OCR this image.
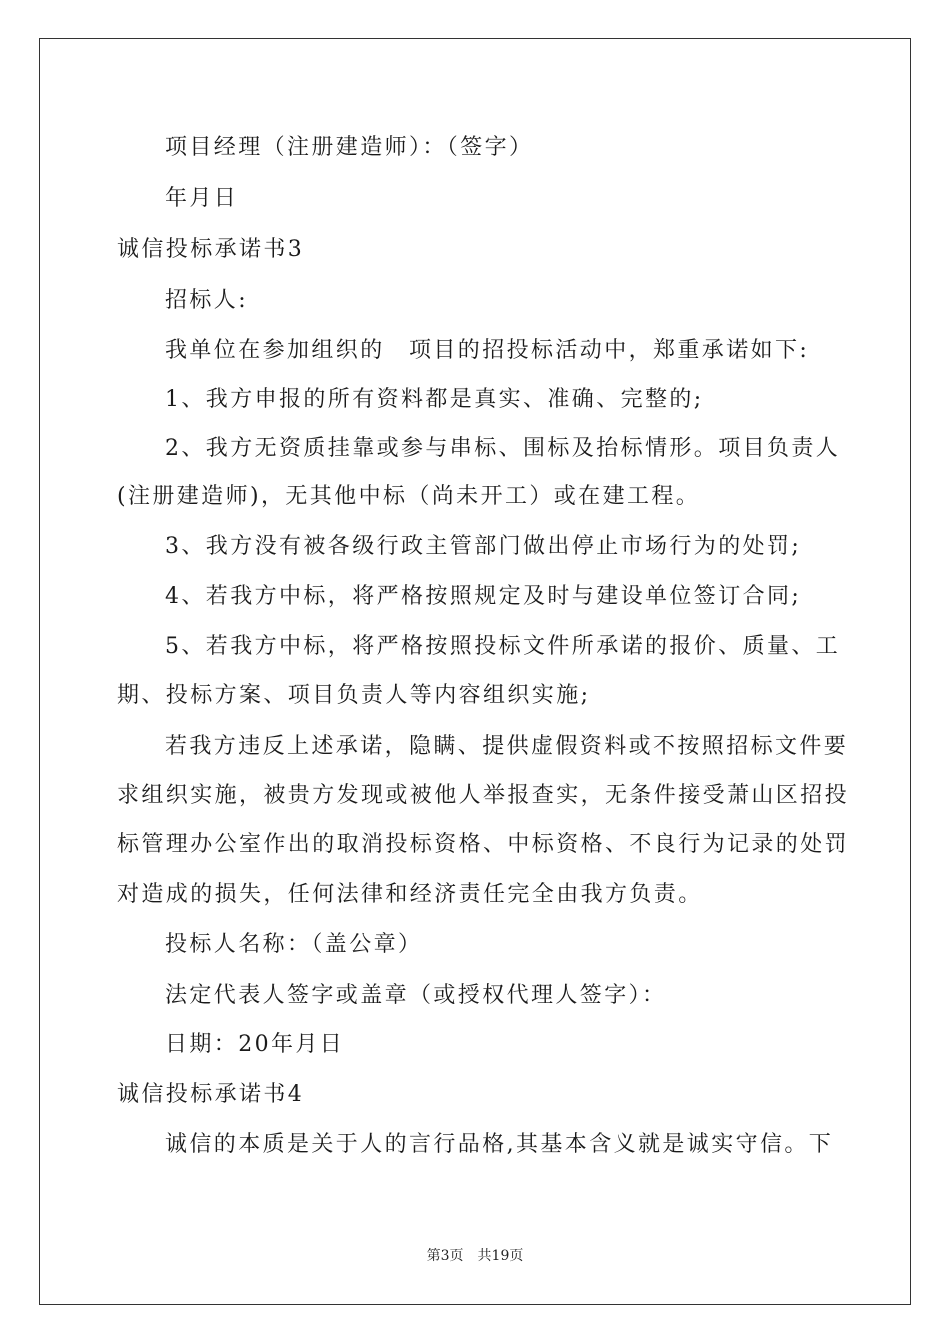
项目经理（注册建造师）：（签字）
年月日
诚信投标承诺书3
招标人:
我单位在参加组织的　项目的招投标活动中，郑重承诺如下:
1、我方申报的所有资料都是真实、准确、完整的;
2、我方无资质挂靠或参与串标、围标及抬标情形。项目负责人
(注册建造师)，无其他中标（尚未开工）或在建工程。
3、我方没有被各级行政主管部门做出停止市场行为的处罚;
4、若我方中标，将严格按照规定及时与建设单位签订合同;
5、若我方中标，将严格按照投标文件所承诺的报价、质量、工
期、投标方案、项目负责人等内容组织实施;
若我方违反上述承诺，隐瞒、提供虚假资料或不按照招标文件要
求组织实施，被贵方发现或被他人举报查实，无条件接受萧山区招投
标管理办公室作出的取消投标资格、中标资格、不良行为记录的处罚
对造成的损失，任何法律和经济责任完全由我方负责。
投标人名称：（盖公章）
法定代表人签字或盖章（或授权代理人签字）：
日期：20年月日
诚信投标承诺书4
诚信的本质是关于人的言行品格,其基本含义就是诚实守信。下
第3页 共19页
